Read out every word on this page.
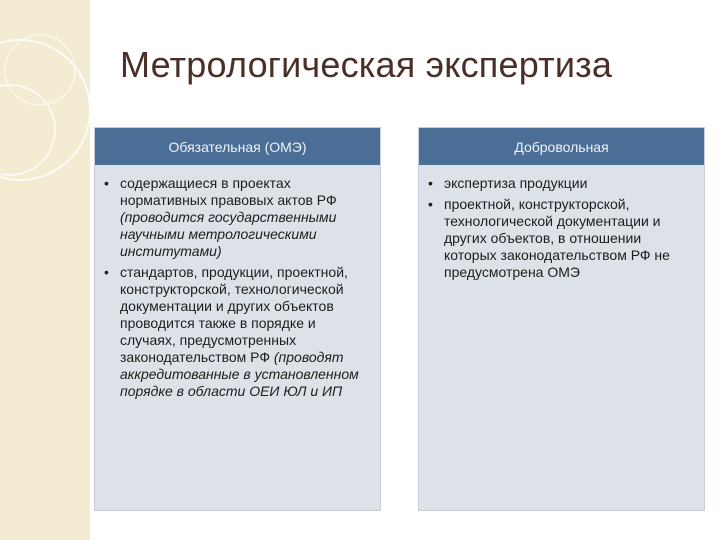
Метрологическая экспертиза
Обязательная (ОМЭ)
• содержащиеся в проектах нормативных правовых актов РФ (проводится государственными научными метрологическими институтами)
• стандартов, продукции, проектной, конструкторской, технологической документации и других объектов проводится также в порядке и случаях, предусмотренных законодательством РФ (проводят аккредитованные в установленном порядке в области ОЕИ ЮЛ и ИП
Добровольная
• экспертиза продукции
• проектной, конструкторской, технологической документации и других объектов, в отношении которых законодательством РФ не предусмотрена ОМЭ
